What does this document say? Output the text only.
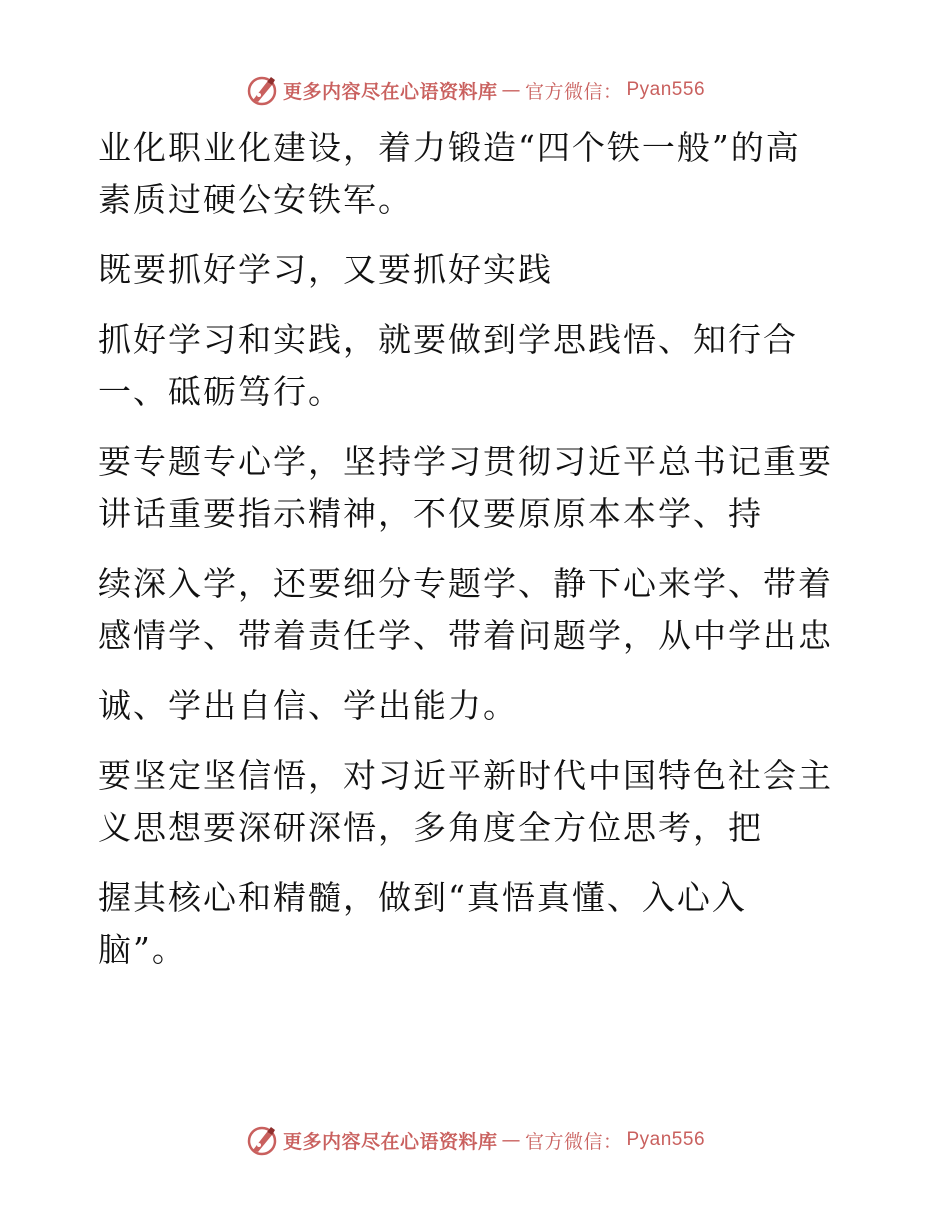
更多内容尽在心语资料库 — 官方微信： Pyan556

业化职业化建设，着力锻造“四个铁一般”的高
素质过硬公安铁军。

既要抓好学习，又要抓好实践

抓好学习和实践，就要做到学思践悟、知行合
一、砥砺笃行。

要专题专心学，坚持学习贯彻习近平总书记重要
讲话重要指示精神，不仅要原原本本学、持

续深入学，还要细分专题学、静下心来学、带着
感情学、带着责任学、带着问题学，从中学出忠

诚、学出自信、学出能力。

要坚定坚信悟，对习近平新时代中国特色社会主
义思想要深研深悟，多角度全方位思考，把

握其核心和精髓，做到“真悟真懂、入心入
脑”。

更多内容尽在心语资料库 — 官方微信： Pyan556
